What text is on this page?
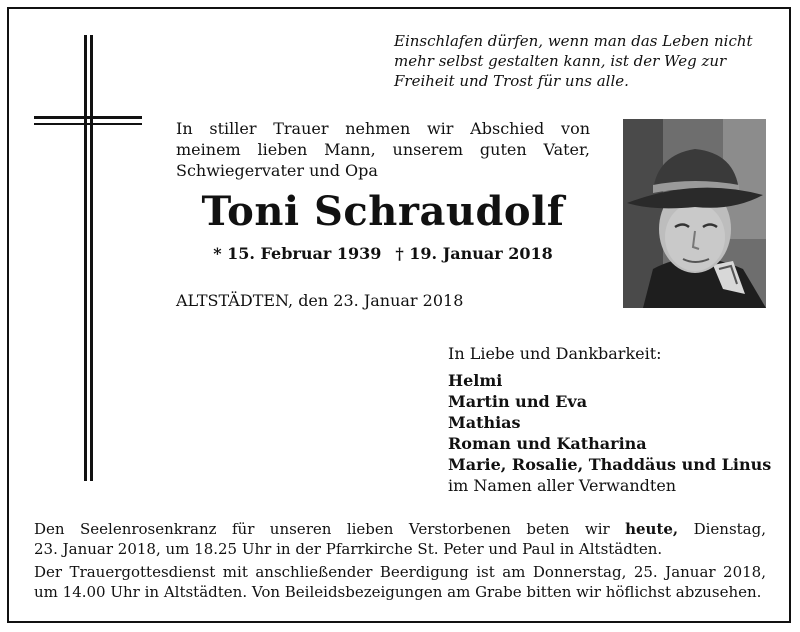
Einschlafen dürfen, wenn man das Leben nicht
mehr selbst gestalten kann, ist der Weg zur
Freiheit und Trost für uns alle.
In stiller Trauer nehmen wir Abschied von
meinem lieben Mann, unserem guten Vater,
Schwiegervater und Opa
Toni Schraudolf
* 15. Februar 1939 † 19. Januar 2018
ALTSTÄDTEN, den 23. Januar 2018
In Liebe und Dankbarkeit:
Helmi
Martin und Eva
Mathias
Roman und Katharina
Marie, Rosalie, Thaddäus und Linus
im Namen aller Verwandten
Den Seelenrosenkranz für unseren lieben Verstorbenen beten wir heute, Dienstag,
23. Januar 2018, um 18.25 Uhr in der Pfarrkirche St. Peter und Paul in Altstädten.
Der Trauergottesdienst mit anschließender Beerdigung ist am Donnerstag, 25. Januar 2018,
um 14.00 Uhr in Altstädten. Von Beileidsbezeigungen am Grabe bitten wir höflichst abzusehen.
